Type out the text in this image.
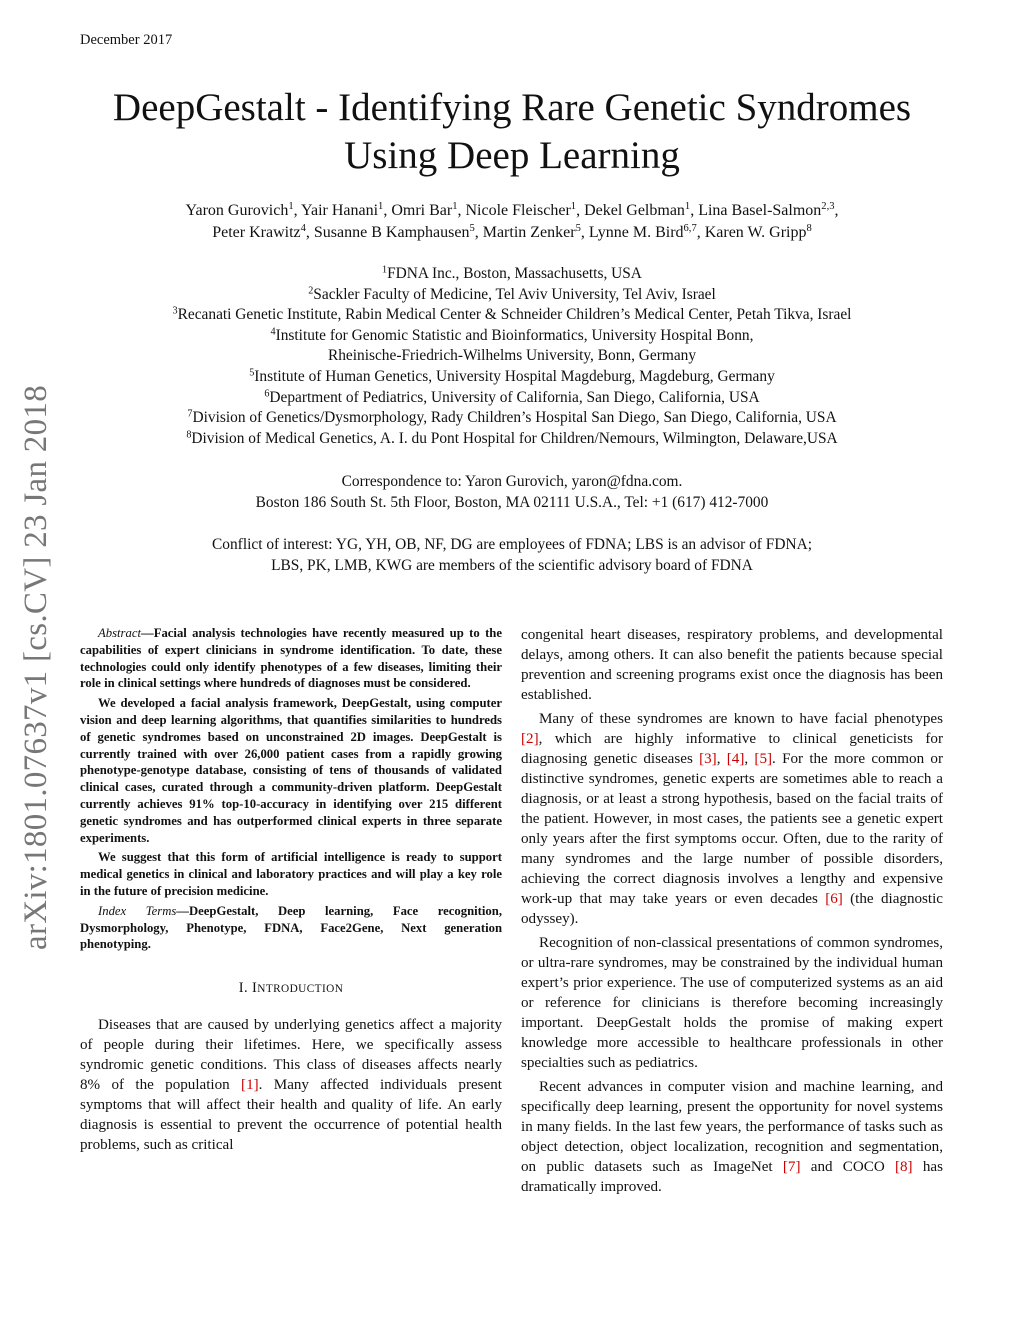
December 2017
arXiv:1801.07637v1 [cs.CV] 23 Jan 2018
DeepGestalt - Identifying Rare Genetic Syndromes
Using Deep Learning
Yaron Gurovich$^1$, Yair Hanani$^1$, Omri Bar$^1$, Nicole Fleischer$^1$, Dekel Gelbman$^1$, Lina Basel-Salmon$^{2,3}$,
Peter Krawitz$^4$, Susanne B Kamphausen$^5$, Martin Zenker$^5$, Lynne M. Bird$^{6,7}$, Karen W. Gripp$^8$
$^1$FDNA Inc., Boston, Massachusetts, USA
$^2$Sackler Faculty of Medicine, Tel Aviv University, Tel Aviv, Israel
$^3$Recanati Genetic Institute, Rabin Medical Center & Schneider Children’s Medical Center, Petah Tikva, Israel
$^4$Institute for Genomic Statistic and Bioinformatics, University Hospital Bonn,
Rheinische-Friedrich-Wilhelms University, Bonn, Germany
$^5$Institute of Human Genetics, University Hospital Magdeburg, Magdeburg, Germany
$^6$Department of Pediatrics, University of California, San Diego, California, USA
$^7$Division of Genetics/Dysmorphology, Rady Children’s Hospital San Diego, San Diego, California, USA
$^8$Division of Medical Genetics, A. I. du Pont Hospital for Children/Nemours, Wilmington, Delaware,USA
Correspondence to: Yaron Gurovich, yaron@fdna.com.
Boston 186 South St. 5th Floor, Boston, MA 02111 U.S.A., Tel: +1 (617) 412-7000
Conflict of interest: YG, YH, OB, NF, DG are employees of FDNA; LBS is an advisor of FDNA;
LBS, PK, LMB, KWG are members of the scientific advisory board of FDNA

Abstract—Facial analysis technologies have recently measured up to the capabilities of expert clinicians in syndrome identification. To date, these technologies could only identify phenotypes of a few diseases, limiting their role in clinical settings where hundreds of diagnoses must be considered.

We developed a facial analysis framework, DeepGestalt, using computer vision and deep learning algorithms, that quantifies similarities to hundreds of genetic syndromes based on unconstrained 2D images. DeepGestalt is currently trained with over 26,000 patient cases from a rapidly growing phenotype-genotype database, consisting of tens of thousands of validated clinical cases, curated through a community-driven platform. DeepGestalt currently achieves 91% top-10-accuracy in identifying over 215 different genetic syndromes and has outperformed clinical experts in three separate experiments.

We suggest that this form of artificial intelligence is ready to support medical genetics in clinical and laboratory practices and will play a key role in the future of precision medicine.

Index Terms—DeepGestalt, Deep learning, Face recognition, Dysmorphology, Phenotype, FDNA, Face2Gene, Next generation phenotyping.

I. INTRODUCTION

Diseases that are caused by underlying genetics affect a majority of people during their lifetimes. Here, we specifically assess syndromic genetic conditions. This class of diseases affects nearly 8% of the population [1]. Many affected individuals present symptoms that will affect their health and quality of life. An early diagnosis is essential to prevent the occurrence of potential health problems, such as critical

congenital heart diseases, respiratory problems, and developmental delays, among others. It can also benefit the patients because special prevention and screening programs exist once the diagnosis has been established.

Many of these syndromes are known to have facial phenotypes [2], which are highly informative to clinical geneticists for diagnosing genetic diseases [3], [4], [5]. For the more common or distinctive syndromes, genetic experts are sometimes able to reach a diagnosis, or at least a strong hypothesis, based on the facial traits of the patient. However, in most cases, the patients see a genetic expert only years after the first symptoms occur. Often, due to the rarity of many syndromes and the large number of possible disorders, achieving the correct diagnosis involves a lengthy and expensive work-up that may take years or even decades [6] (the diagnostic odyssey).

Recognition of non-classical presentations of common syndromes, or ultra-rare syndromes, may be constrained by the individual human expert’s prior experience. The use of computerized systems as an aid or reference for clinicians is therefore becoming increasingly important. DeepGestalt holds the promise of making expert knowledge more accessible to healthcare professionals in other specialties such as pediatrics.

Recent advances in computer vision and machine learning, and specifically deep learning, present the opportunity for novel systems in many fields. In the last few years, the performance of tasks such as object detection, object localization, recognition and segmentation, on public datasets such as ImageNet [7] and COCO [8] has dramatically improved.
